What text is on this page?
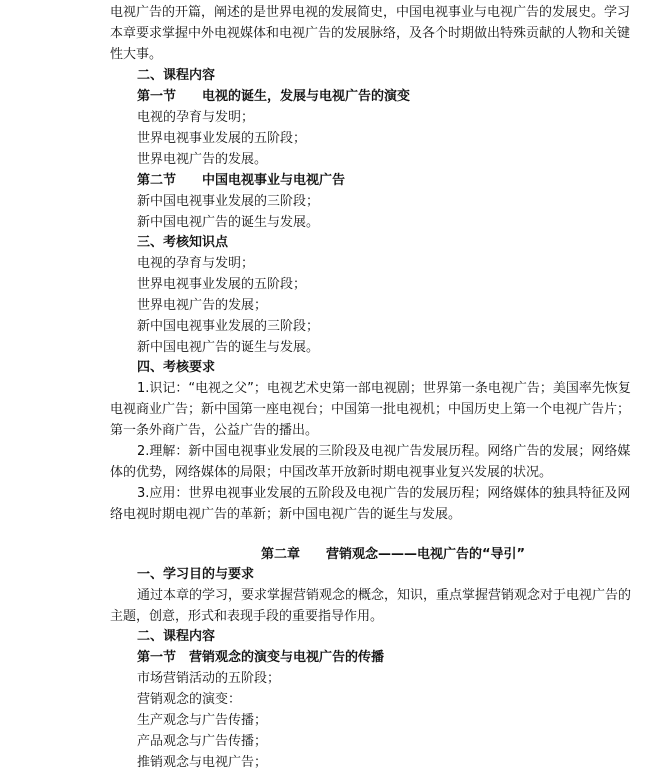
电视广告的开篇，阐述的是世界电视的发展简史，中国电视事业与电视广告的发展史。学习
本章要求掌握中外电视媒体和电视广告的发展脉络，及各个时期做出特殊贡献的人物和关键
性大事。
二、课程内容
第一节 电视的诞生，发展与电视广告的演变
电视的孕育与发明；
世界电视事业发展的五阶段；
世界电视广告的发展。
第二节 中国电视事业与电视广告
新中国电视事业发展的三阶段；
新中国电视广告的诞生与发展。
三、考核知识点
电视的孕育与发明；
世界电视事业发展的五阶段；
世界电视广告的发展；
新中国电视事业发展的三阶段；
新中国电视广告的诞生与发展。
四、考核要求
1.识记：“电视之父”；电视艺术史第一部电视剧；世界第一条电视广告；美国率先恢复
电视商业广告；新中国第一座电视台；中国第一批电视机；中国历史上第一个电视广告片；
第一条外商广告，公益广告的播出。
2.理解：新中国电视事业发展的三阶段及电视广告发展历程。网络广告的发展；网络媒
体的优势，网络媒体的局限；中国改革开放新时期电视事业复兴发展的状况。
3.应用：世界电视事业发展的五阶段及电视广告的发展历程；网络媒体的独具特征及网
络电视时期电视广告的革新；新中国电视广告的诞生与发展。
第二章 营销观念———电视广告的“导引”
一、学习目的与要求
通过本章的学习，要求掌握营销观念的概念，知识，重点掌握营销观念对于电视广告的
主题，创意，形式和表现手段的重要指导作用。
二、课程内容
第一节 营销观念的演变与电视广告的传播
市场营销活动的五阶段；
营销观念的演变：
生产观念与广告传播；
产品观念与广告传播；
推销观念与电视广告；
